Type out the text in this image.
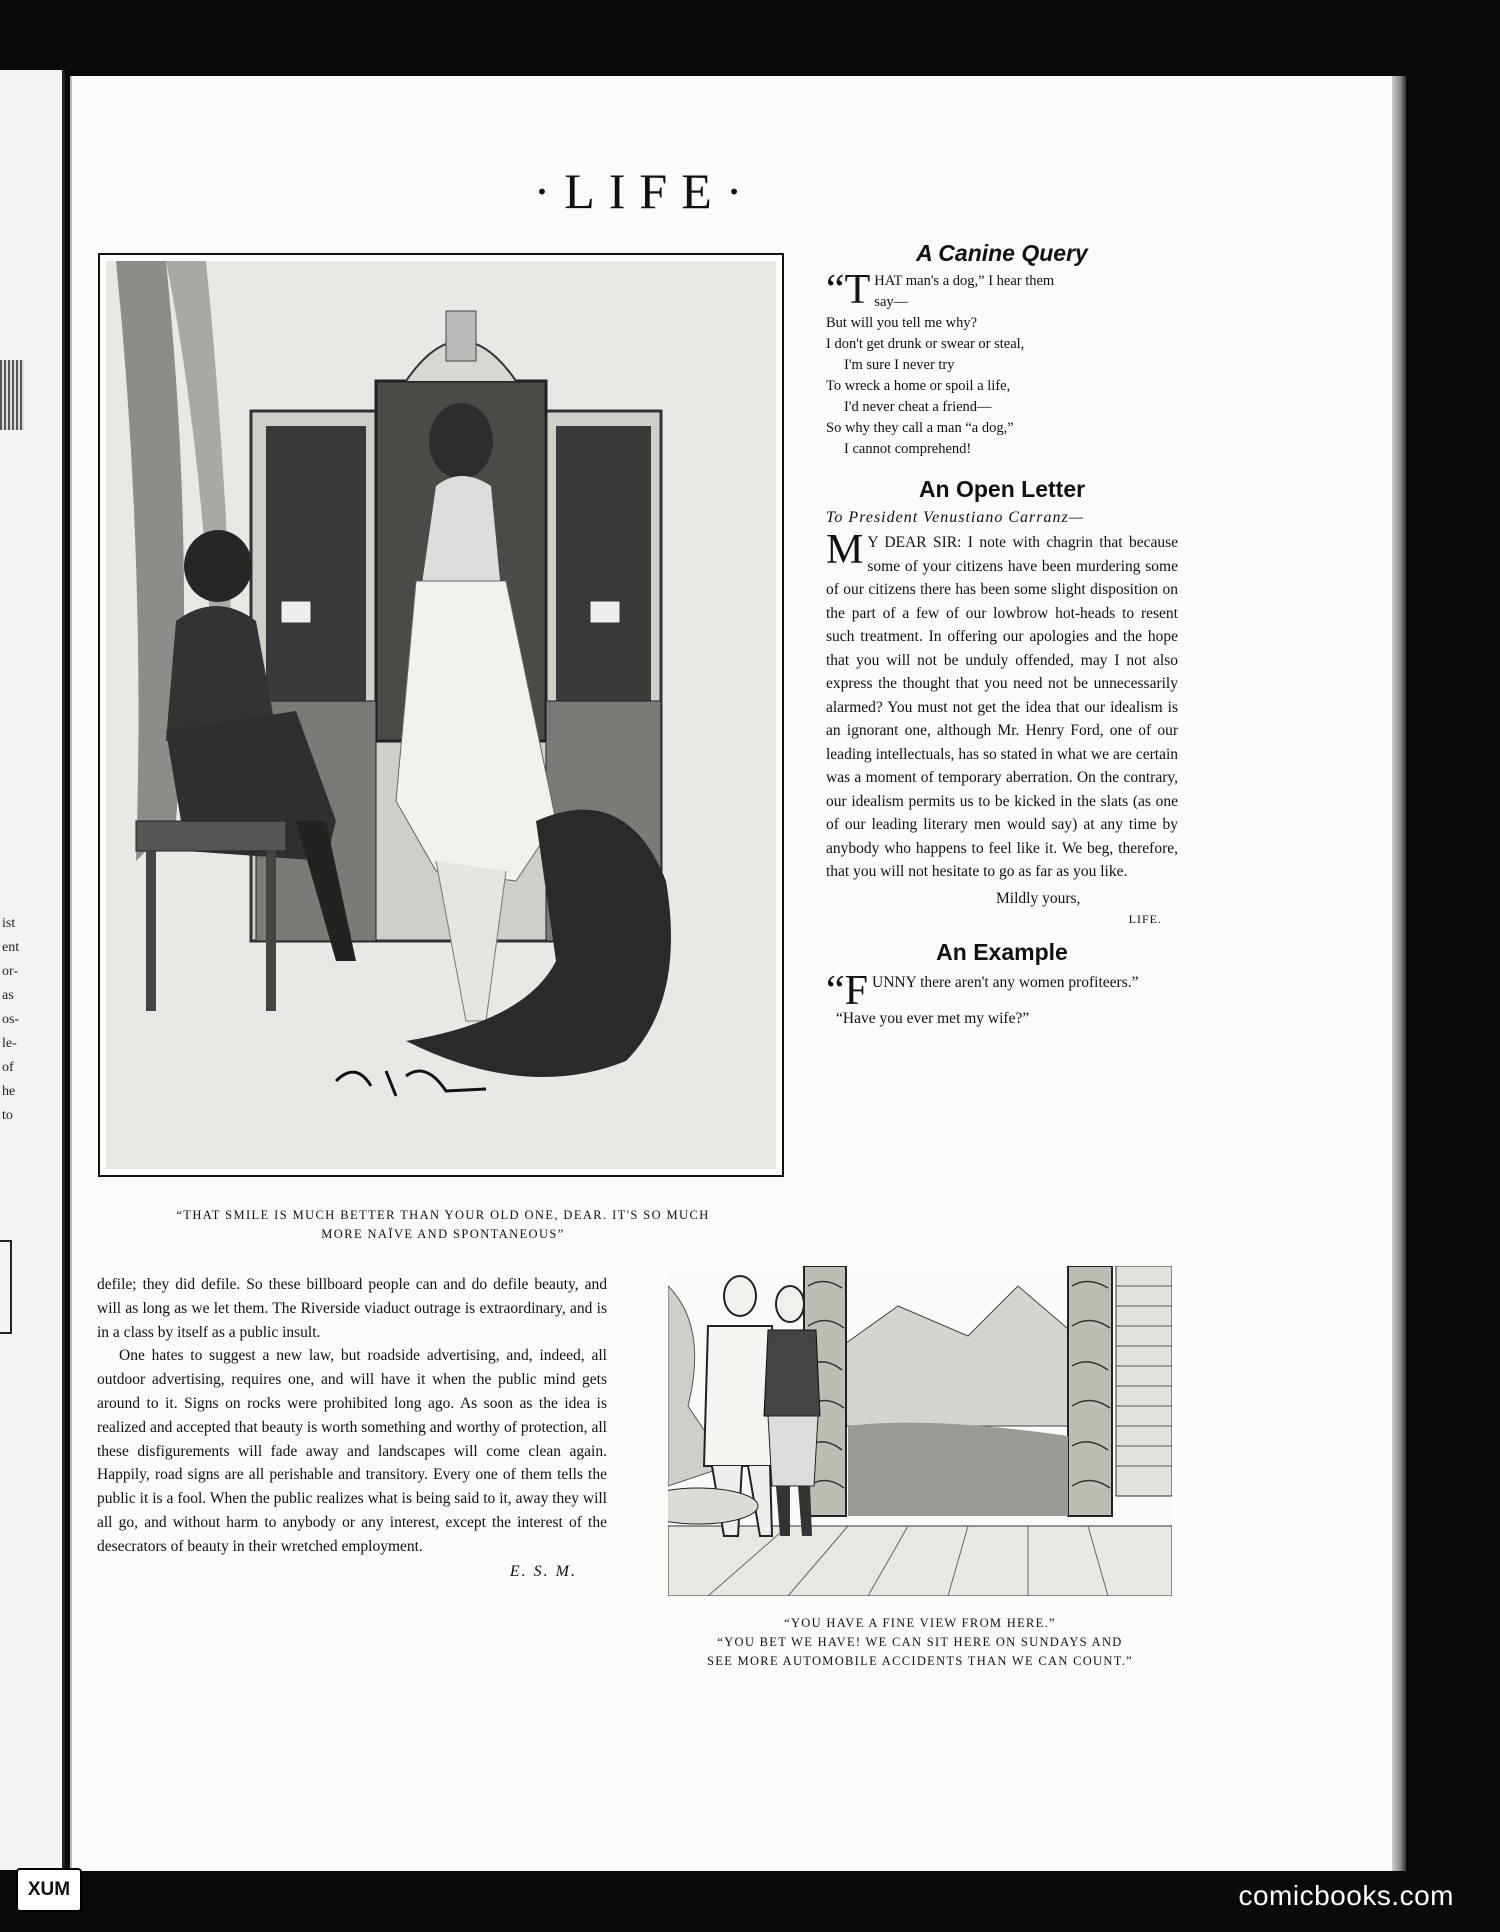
ist
ent
or-
as
os-
le-
of
he
to
·LIFE·
“THAT SMILE IS MUCH BETTER THAN YOUR OLD ONE, DEAR. IT'S SO MUCH
MORE NAÏVE AND SPONTANEOUS”
A Canine Query
“T HAT man's a dog,” I hear them
say—
But will you tell me why?
I don't get drunk or swear or steal,
I'm sure I never try
To wreck a home or spoil a life,
I'd never cheat a friend—
So why they call a man “a dog,”
I cannot comprehend!
An Open Letter
To President Venustiano Carranz—

M Y DEAR SIR: I note with chagrin that because some of your citizens have been murdering some of our citizens there has been some slight disposition on the part of a few of our lowbrow hot-heads to resent such treatment. In offering our apologies and the hope that you will not be unduly offended, may I not also express the thought that you need not be unnecessarily alarmed? You must not get the idea that our idealism is an ignorant one, although Mr. Henry Ford, one of our leading intellectuals, has so stated in what we are certain was a moment of temporary aberration. On the contrary, our idealism permits us to be kicked in the slats (as one of our leading literary men would say) at any time by anybody who happens to feel like it. We beg, therefore, that you will not hesitate to go as far as you like.

Mildly yours,

LIFE.

An Example
“F UNNY there aren't any women profiteers.”
“Have you ever met my wife?”

defile; they did defile. So these billboard people can and do defile beauty, and will as long as we let them. The Riverside viaduct outrage is extraordinary, and is in a class by itself as a public insult.

One hates to suggest a new law, but roadside advertising, and, indeed, all outdoor advertising, requires one, and will have it when the public mind gets around to it. Signs on rocks were prohibited long ago. As soon as the idea is realized and accepted that beauty is worth something and worthy of protection, all these disfigurements will fade away and landscapes will come clean again. Happily, road signs are all perishable and transitory. Every one of them tells the public it is a fool. When the public realizes what is being said to it, away they will all go, and without harm to anybody or any interest, except the interest of the desecrators of beauty in their wretched employment.

E. S. M.
“YOU HAVE A FINE VIEW FROM HERE.”
“YOU BET WE HAVE! WE CAN SIT HERE ON SUNDAYS AND
SEE MORE AUTOMOBILE ACCIDENTS THAN WE CAN COUNT.”
XUM	comicbooks.com
